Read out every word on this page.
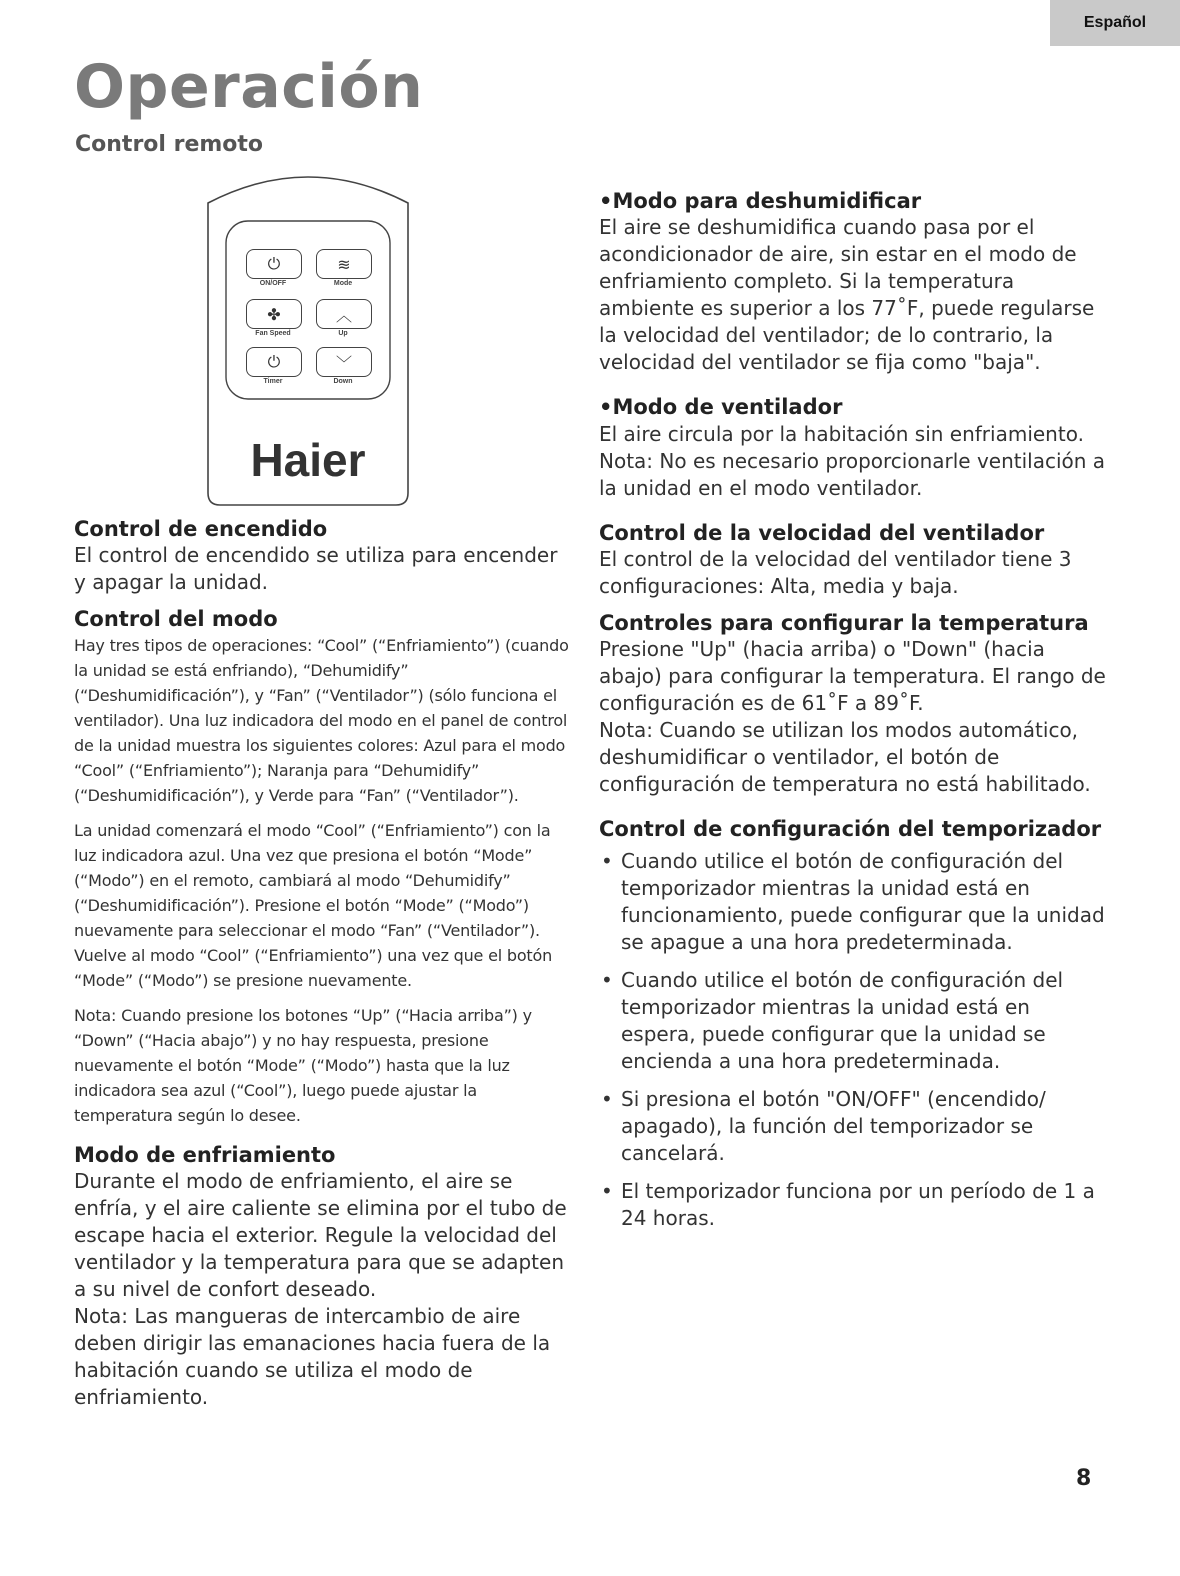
Español
Operación
Control remoto
⏻
ON/OFF
≋
Mode
✤
Fan Speed
︿
Up
⏻
Timer
﹀
Down
Haier
Control de encendido

El control de encendido se utiliza para encender y apagar la unidad.

Control del modo

Hay tres tipos de operaciones: “Cool” (“Enfriamiento”) (cuando la unidad se está enfriando), “Dehumidify” (“Deshumidificación”), y “Fan” (“Ventilador”) (sólo funciona el ventilador). Una luz indicadora del modo en el panel de control de la unidad muestra los siguientes colores: Azul para el modo “Cool” (“Enfriamiento”); Naranja para “Dehumidify” (“Deshumidificación”), y Verde para “Fan” (“Ventilador”).

La unidad comenzará el modo “Cool” (“Enfriamiento”) con la luz indicadora azul. Una vez que presiona el botón “Mode” (“Modo”) en el remoto, cambiará al modo “Dehumidify” (“Deshumidificación”). Presione el botón “Mode” (“Modo”) nuevamente para seleccionar el modo “Fan” (“Ventilador”). Vuelve al modo “Cool” (“Enfriamiento”) una vez que el botón “Mode” (“Modo”) se presione nuevamente.

Nota: Cuando presione los botones “Up” (“Hacia arriba”) y “Down” (“Hacia abajo”) y no hay respuesta, presione nuevamente el botón “Mode” (“Modo”) hasta que la luz indicadora sea azul (“Cool”), luego puede ajustar la temperatura según lo desee.

Modo de enfriamiento

Durante el modo de enfriamiento, el aire se enfría, y el aire caliente se elimina por el tubo de escape hacia el exterior. Regule la velocidad del ventilador y la temperatura para que se adapten a su nivel de confort deseado.

Nota: Las mangueras de intercambio de aire deben dirigir las emanaciones hacia fuera de la habitación cuando se utiliza el modo de enfriamiento.

• Modo para deshumidificar

El aire se deshumidifica cuando pasa por el acondicionador de aire, sin estar en el modo de enfriamiento completo. Si la temperatura ambiente es superior a los 77˚F, puede regularse la velocidad del ventilador; de lo contrario, la velocidad del ventilador se fija como "baja".

• Modo de ventilador

El aire circula por la habitación sin enfriamiento.

Nota: No es necesario proporcionarle ventilación a la unidad en el modo ventilador.

Control de la velocidad del ventilador

El control de la velocidad del ventilador tiene 3 configuraciones: Alta, media y baja.

Controles para configurar la temperatura

Presione "Up" (hacia arriba) o "Down" (hacia abajo) para configurar la temperatura. El rango de configuración es de 61˚F a 89˚F.

Nota: Cuando se utilizan los modos automático, deshumidificar o ventilador, el botón de configuración de temperatura no está habilitado.

Control de configuración del temporizador
• Cuando utilice el botón de configuración del temporizador mientras la unidad está en funcionamiento, puede configurar que la unidad se apague a una hora predeterminada.
• Cuando utilice el botón de configuración del temporizador mientras la unidad está en espera, puede configurar que la unidad se encienda a una hora predeterminada.
• Si presiona el botón "ON/OFF" (encendido/ apagado), la función del temporizador se cancelará.
• El temporizador funciona por un período de 1 a 24 horas.
8
